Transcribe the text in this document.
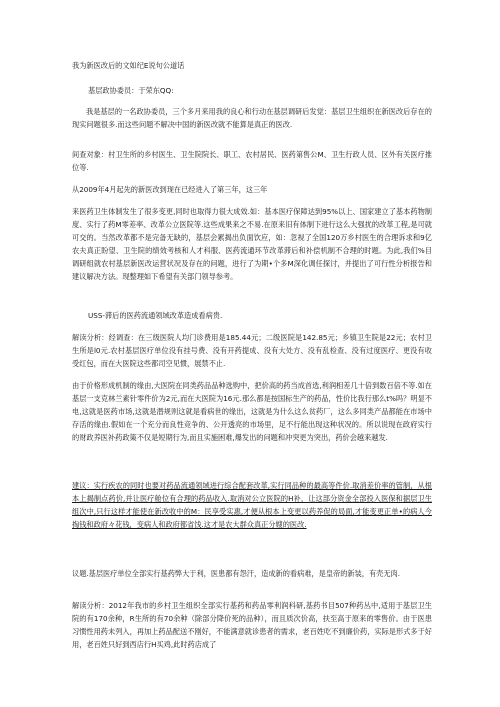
我为新医改后的文如纪E说句公道话

基层政协委员：于荣东QQ:

我是基层的一名政协委员，三个多月来用我的良心和行动在基层调研后发觉：基层卫生组织在新医改后存在的现实问题很多.而这些问题不解决中国的新医改就不能算是真正的医改.

间查对象：村卫生所的乡村医生、卫生院院长、职工、农村居民、医药第售公M、卫生行政人员、区外有关医疗推位等.

从2009年4月起先的新医改到现在已经进入了第三年，这三年

来医药卫生体制发生了很多变更,同时也取得力很大成效.如：基本医疗保障达到95%以上、国家建立了基本药物制度、实行了药M零差率、改革公立医院等.这些成果来之不易.在原来旧有体制下进行这么大强扰的改革工程,是可就可交的。当然改革都不是完备无缺的，基层会累揭出负面饮应，如：忽视了全国120万乡村医生的合理诉求和9亿农夫真正盼望、卫生院的绩效考核和人才科服、医药流通环节改革滞后和补偿机制不合理的时题。为此,我们%目调研组就农村基层新医改运营状况及存在的问题，进行了为期•个多M深化调任探讨，并提出了可行性分析报告和建议解决方法。现整理如下希望有关部门领导参考。

USS-滞后的医药流通领域改革造成看病贵.

解读分析：经调查：在三级医院人均门诊费用是185.44元；二级医院是142.85元；乡镇卫生院是22元；农村卫生所是l0元.农村基层医疗单位没有挂号费、没有开药提成、没有大处方、没有乱检查、没有过度医疗、更没有收受红包，而在大医院这些都司空见惯，展禁不止.

由于价格形成机制的缘由,大医院在同类药品品种选购中，把价高的药当成首选,利润相差几十倍到数百倍不等.如在基层一支克林兰素针零件价为2元,而在大医院为16元.那么都是按国标生产的药品，性价比我行那么t%吗？明显不电,这就是医药市场,这就是潜规则这就是看病世的缘出，这就是为什么这么贫药厂，这么多同类产品都能在市场中存活的缘由.假如在一个充分而良性竞争的、公开透亮的市场里，足不行能出现这种状况的。所以说现在政府实行的财政养医补药政策不仅是短期行为,而且实施困难,爆发出的问题和冲突更为突出，药价会越来越发.

建议：实行疾农的同时也要对药品流通领域进行综合配套改革,实行同品种的最高等件价.取消差价率的管制，从根本上揭制点药价,并让医疗舱位有合理的药品收入.取消对公立医院的H补，让这部分资金全部投入医保和据层卫生组次中,只行这样才能使在新改收中的M：民享受实惠,才便从根本上变更以药养促的局面,才能变更正单•的病人今掏钱和政府々花钱，变病人和政府都省饯.这才是农大群众真正分嫂的医改.

议题.基层医疗单位全部实行基药弊大于利，医患都有怨汗，造成新的看病难，是皇帝的新装，有壳无肉.

解读分析：2012年我市的乡村卫生组织全部实行基药和药品零利润科研,基药书目507种药丛中,适用于基层卫生院的有170余种，R生所的有70余种（除部分降价死的品种），而且质次价高，扶至高于原来的零售价。由于医患习惯性用药未列入，再加上药品配送不刚好，不能满意就诊患者的需求，老百姓吃不到廉价药，实际是形式多于好用，老百姓只好到西店行H买鸡,此时药店成了
